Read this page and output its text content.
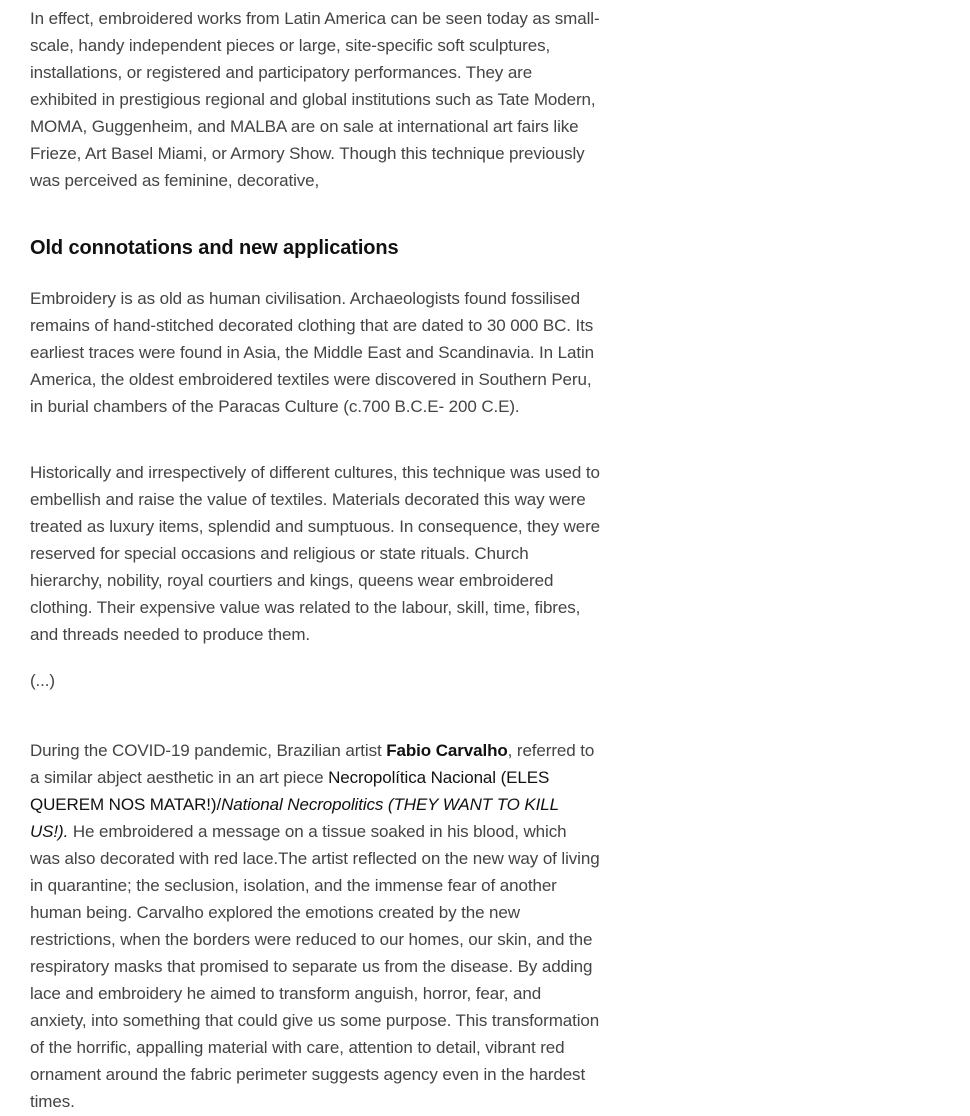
In effect, embroidered works from Latin America can be seen today as small-scale, handy independent pieces or large, site-specific soft sculptures, installations, or registered and participatory performances. They are exhibited in prestigious regional and global institutions such as Tate Modern, MOMA, Guggenheim, and MALBA are on sale at international art fairs like Frieze, Art Basel Miami, or Armory Show. Though this technique previously was perceived as feminine, decorative,

Old connotations and new applications

Embroidery is as old as human civilisation. Archaeologists found fossilised remains of hand-stitched decorated clothing that are dated to 30 000 BC. Its earliest traces were found in Asia, the Middle East and Scandinavia. In Latin America, the oldest embroidered textiles were discovered in Southern Peru, in burial chambers of the Paracas Culture (c.700 B.C.E- 200 C.E).

Historically and irrespectively of different cultures, this technique was used to embellish and raise the value of textiles. Materials decorated this way were treated as luxury items, splendid and sumptuous. In consequence, they were reserved for special occasions and religious or state rituals. Church hierarchy, nobility, royal courtiers and kings, queens wear embroidered clothing. Their expensive value was related to the labour, skill, time, fibres, and threads needed to produce them.

(...)

During the COVID-19 pandemic, Brazilian artist Fabio Carvalho, referred to a similar abject aesthetic in an art piece Necropolítica Nacional (ELES QUEREM NOS MATAR!)/National Necropolitics (THEY WANT TO KILL US!). He embroidered a message on a tissue soaked in his blood, which was also decorated with red lace.The artist reflected on the new way of living in quarantine; the seclusion, isolation, and the immense fear of another human being. Carvalho explored the emotions created by the new restrictions, when the borders were reduced to our homes, our skin, and the respiratory masks that promised to separate us from the disease. By adding lace and embroidery he aimed to transform anguish, horror, fear, and anxiety, into something that could give us some purpose. This transformation of the horrific, appalling material with care, attention to detail, vibrant red ornament around the fabric perimeter suggests agency even in the hardest times.
